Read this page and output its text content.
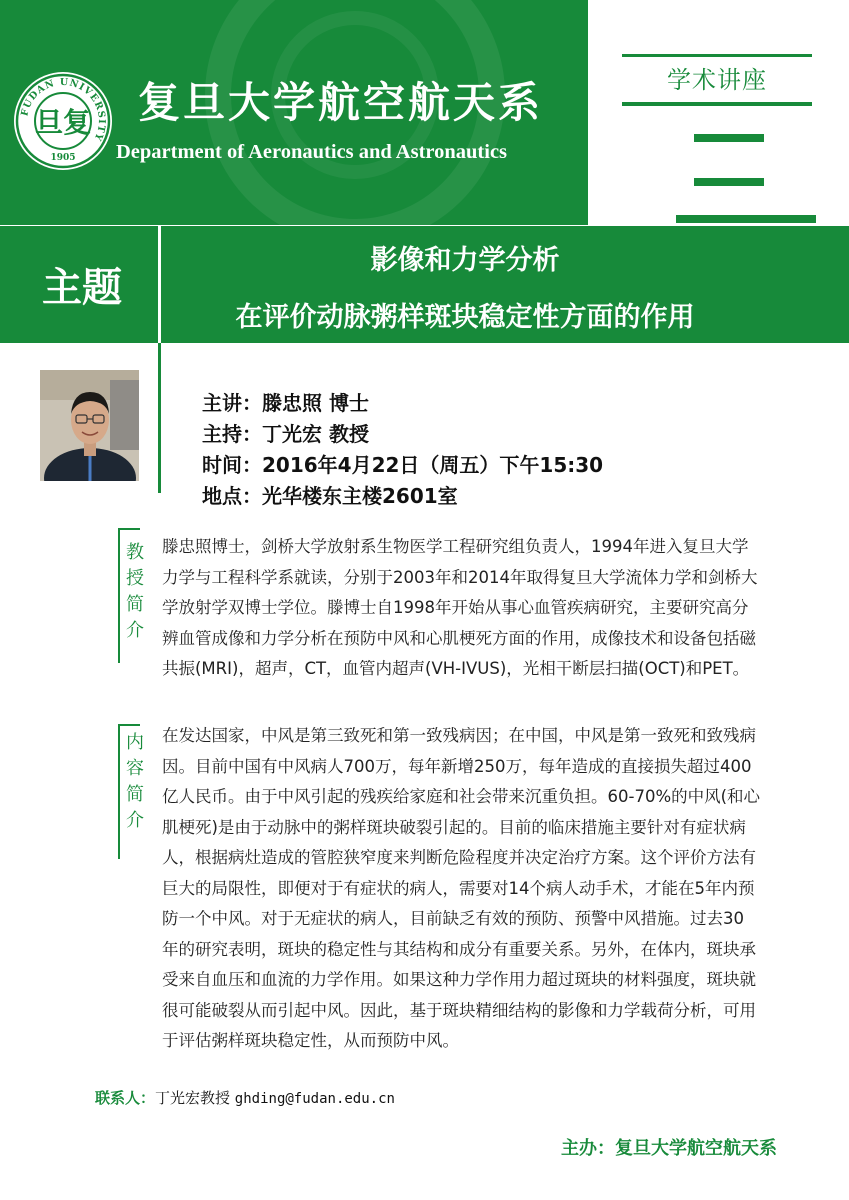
FUDAN UNIVERSITY
1905
旦复 复旦大学航空航天系
Department of Aeronautics and Astronautics
学术讲座
主题
影像和力学分析
在评价动脉粥样斑块稳定性方面的作用
主讲：滕忠照 博士
主持：丁光宏 教授
时间：2016年4月22日（周五）下午15:30
地点：光华楼东主楼2601室
教
授
简
介
滕忠照博士，剑桥大学放射系生物医学工程研究组负责人，1994年进入复旦大学
力学与工程科学系就读，分别于2003年和2014年取得复旦大学流体力学和剑桥大
学放射学双博士学位。滕博士自1998年开始从事心血管疾病研究，主要研究高分
辨血管成像和力学分析在预防中风和心肌梗死方面的作用，成像技术和设备包括磁
共振(MRI)，超声，CT，血管内超声(VH-IVUS)，光相干断层扫描(OCT)和PET。
内
容
简
介
在发达国家，中风是第三致死和第一致残病因；在中国，中风是第一致死和致残病
因。目前中国有中风病人700万，每年新增250万，每年造成的直接损失超过400
亿人民币。由于中风引起的残疾给家庭和社会带来沉重负担。60-70%的中风(和心
肌梗死)是由于动脉中的粥样斑块破裂引起的。目前的临床措施主要针对有症状病
人，根据病灶造成的管腔狭窄度来判断危险程度并决定治疗方案。这个评价方法有
巨大的局限性，即便对于有症状的病人，需要对14个病人动手术，才能在5年内预
防一个中风。对于无症状的病人，目前缺乏有效的预防、预警中风措施。过去30
年的研究表明，斑块的稳定性与其结构和成分有重要关系。另外，在体内，斑块承
受来自血压和血流的力学作用。如果这种力学作用力超过斑块的材料强度，斑块就
很可能破裂从而引起中风。因此，基于斑块精细结构的影像和力学载荷分析，可用
于评估粥样斑块稳定性，从而预防中风。
联系人：丁光宏教授 ghding@fudan.edu.cn
主办：复旦大学航空航天系
